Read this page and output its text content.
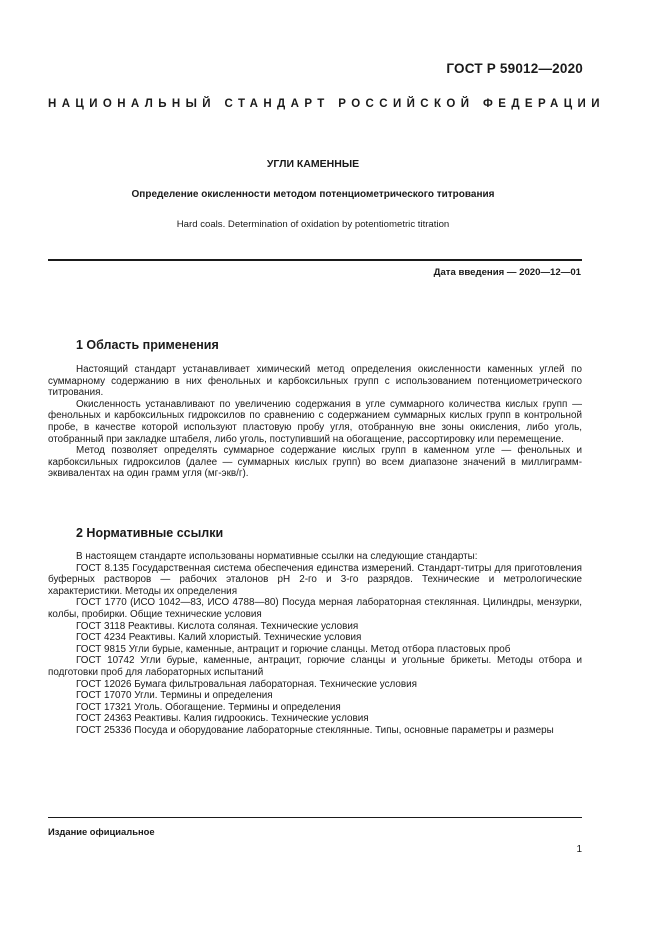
ГОСТ Р 59012—2020
НАЦИОНАЛЬНЫЙ СТАНДАРТ РОССИЙСКОЙ ФЕДЕРАЦИИ
УГЛИ КАМЕННЫЕ
Определение окисленности методом потенциометрического титрования
Hard coals. Determination of oxidation by potentiometric titration
Дата введения — 2020—12—01
1 Область применения

Настоящий стандарт устанавливает химический метод определения окисленности каменных углей по суммарному содержанию в них фенольных и карбоксильных групп с использованием потенциометрического титрования.

Окисленность устанавливают по увеличению содержания в угле суммарного количества кислых групп — фенольных и карбоксильных гидроксилов по сравнению с содержанием суммарных кислых групп в контрольной пробе, в качестве которой используют пластовую пробу угля, отобранную вне зоны окисления, либо уголь, отобранный при закладке штабеля, либо уголь, поступивший на обогащение, рассортировку или перемещение.

Метод позволяет определять суммарное содержание кислых групп в каменном угле — фенольных и карбоксильных гидроксилов (далее — суммарных кислых групп) во всем диапазоне значений в миллиграмм-эквивалентах на один грамм угля (мг-экв/г).

2 Нормативные ссылки

В настоящем стандарте использованы нормативные ссылки на следующие стандарты:

ГОСТ 8.135 Государственная система обеспечения единства измерений. Стандарт-титры для приготовления буферных растворов — рабочих эталонов pH 2-го и 3-го разрядов. Технические и метрологические характеристики. Методы их определения

ГОСТ 1770 (ИСО 1042—83, ИСО 4788—80) Посуда мерная лабораторная стеклянная. Цилиндры, мензурки, колбы, пробирки. Общие технические условия

ГОСТ 3118 Реактивы. Кислота соляная. Технические условия

ГОСТ 4234 Реактивы. Калий хлористый. Технические условия

ГОСТ 9815 Угли бурые, каменные, антрацит и горючие сланцы. Метод отбора пластовых проб

ГОСТ 10742 Угли бурые, каменные, антрацит, горючие сланцы и угольные брикеты. Методы отбора и подготовки проб для лабораторных испытаний

ГОСТ 12026 Бумага фильтровальная лабораторная. Технические условия

ГОСТ 17070 Угли. Термины и определения

ГОСТ 17321 Уголь. Обогащение. Термины и определения

ГОСТ 24363 Реактивы. Калия гидроокись. Технические условия

ГОСТ 25336 Посуда и оборудование лабораторные стеклянные. Типы, основные параметры и размеры

Издание официальное
1
